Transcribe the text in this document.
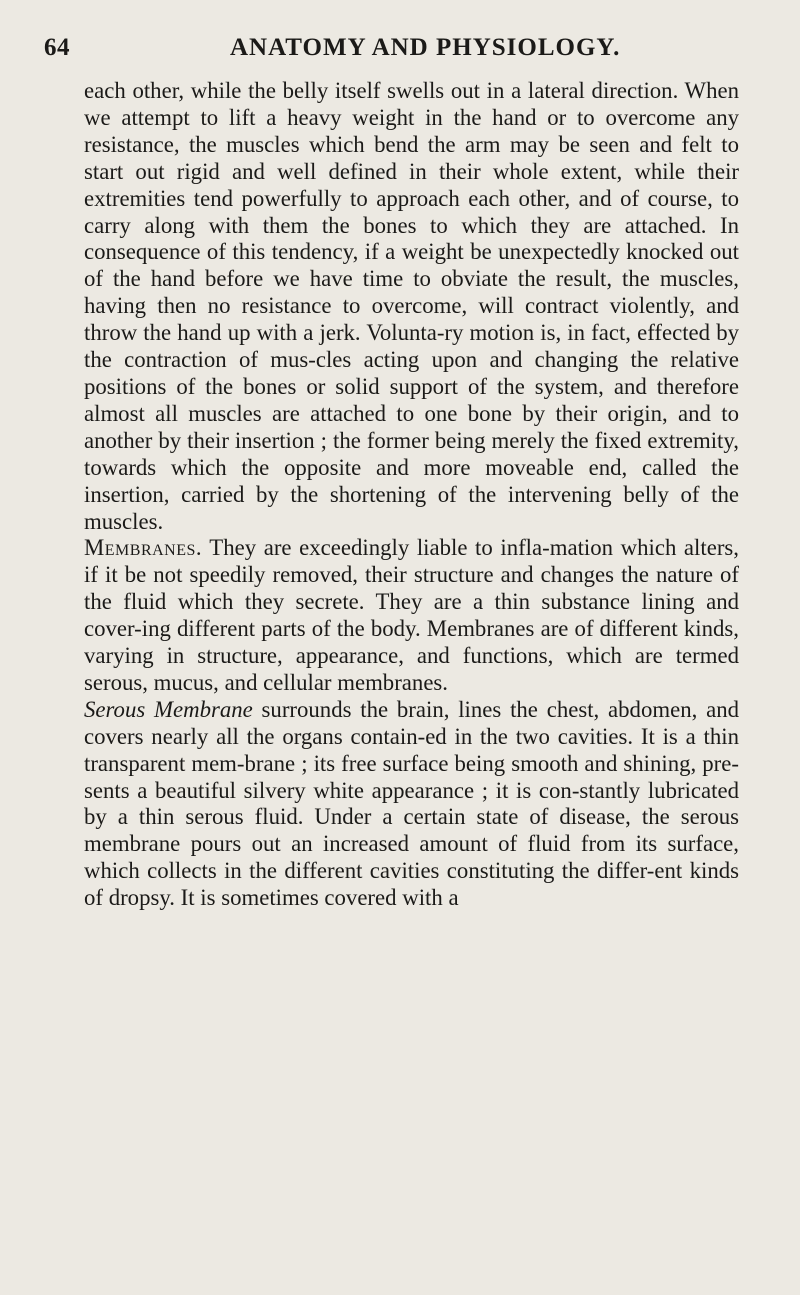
64	ANATOMY AND PHYSIOLOGY.

each other, while the belly itself swells out in a lateral direction. When we attempt to lift a heavy weight in the hand or to overcome any resistance, the muscles which bend the arm may be seen and felt to start out rigid and well defined in their whole extent, while their extremities tend powerfully to approach each other, and of course, to carry along with them the bones to which they are attached. In consequence of this tendency, if a weight be unexpectedly knocked out of the hand before we have time to obviate the result, the muscles, having then no resistance to overcome, will contract violently, and throw the hand up with a jerk. Volunta-ry motion is, in fact, effected by the contraction of mus-cles acting upon and changing the relative positions of the bones or solid support of the system, and therefore almost all muscles are attached to one bone by their origin, and to another by their insertion ; the former being merely the fixed extremity, towards which the opposite and more moveable end, called the insertion, carried by the shortening of the intervening belly of the muscles.

Membranes. They are exceedingly liable to infla-mation which alters, if it be not speedily removed, their structure and changes the nature of the fluid which they secrete. They are a thin substance lining and cover-ing different parts of the body. Membranes are of different kinds, varying in structure, appearance, and functions, which are termed serous, mucus, and cellular membranes.

Serous Membrane surrounds the brain, lines the chest, abdomen, and covers nearly all the organs contain-ed in the two cavities. It is a thin transparent mem-brane ; its free surface being smooth and shining, pre-sents a beautiful silvery white appearance ; it is con-stantly lubricated by a thin serous fluid. Under a certain state of disease, the serous membrane pours out an increased amount of fluid from its surface, which collects in the different cavities constituting the differ-ent kinds of dropsy. It is sometimes covered with a
